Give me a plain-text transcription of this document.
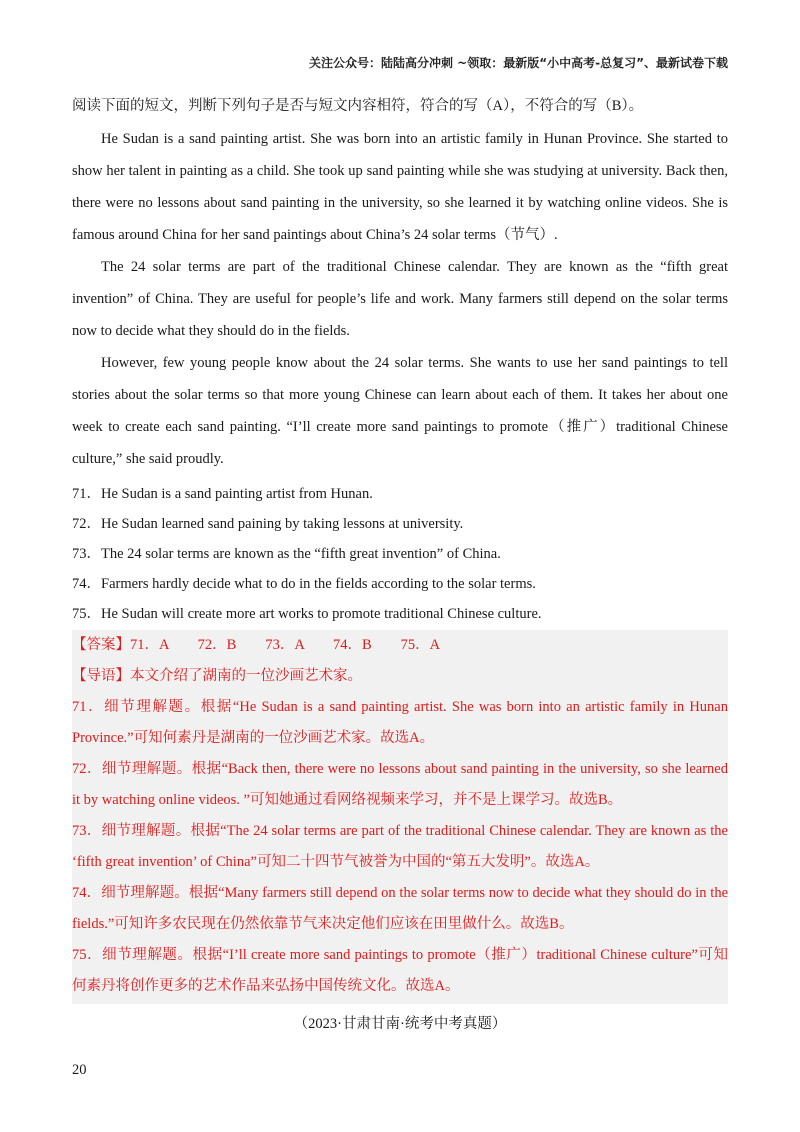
关注公众号：陆陆高分冲刺 ~领取：最新版“小中高考-总复习”、最新试卷下载

阅读下面的短文，判断下列句子是否与短文内容相符，符合的写（A），不符合的写（B）。

He Sudan is a sand painting artist. She was born into an artistic family in Hunan Province. She started to show her talent in painting as a child. She took up sand painting while she was studying at university. Back then, there were no lessons about sand painting in the university, so she learned it by watching online videos. She is famous around China for her sand paintings about China’s 24 solar terms（节气）.

The 24 solar terms are part of the traditional Chinese calendar. They are known as the “fifth great invention” of China. They are useful for people’s life and work. Many farmers still depend on the solar terms now to decide what they should do in the fields.

However, few young people know about the 24 solar terms. She wants to use her sand paintings to tell stories about the solar terms so that more young Chinese can learn about each of them. It takes her about one week to create each sand painting. “I’ll create more sand paintings to promote（推广）traditional Chinese culture,” she said proudly.

71．He Sudan is a sand painting artist from Hunan.

72．He Sudan learned sand paining by taking lessons at university.

73．The 24 solar terms are known as the “fifth great invention” of China.

74．Farmers hardly decide what to do in the fields according to the solar terms.

75．He Sudan will create more art works to promote traditional Chinese culture.

【答案】71．A　　72．B　　73．A　　74．B　　75．A

【导语】本文介绍了湖南的一位沙画艺术家。

71．细节理解题。根据“He Sudan is a sand painting artist. She was born into an artistic family in Hunan Province.”可知何素丹是湖南的一位沙画艺术家。故选A。

72．细节理解题。根据“Back then, there were no lessons about sand painting in the university, so she learned it by watching online videos. ”可知她通过看网络视频来学习，并不是上课学习。故选B。

73．细节理解题。根据“The 24 solar terms are part of the traditional Chinese calendar. They are known as the ‘fifth great invention’ of China”可知二十四节气被誉为中国的“第五大发明”。故选A。

74．细节理解题。根据“Many farmers still depend on the solar terms now to decide what they should do in the fields.”可知许多农民现在仍然依靠节气来决定他们应该在田里做什么。故选B。

75．细节理解题。根据“I’ll create more sand paintings to promote（推广）traditional Chinese culture”可知何素丹将创作更多的艺术作品来弘扬中国传统文化。故选A。

（2023·甘肃甘南·统考中考真题）
20
